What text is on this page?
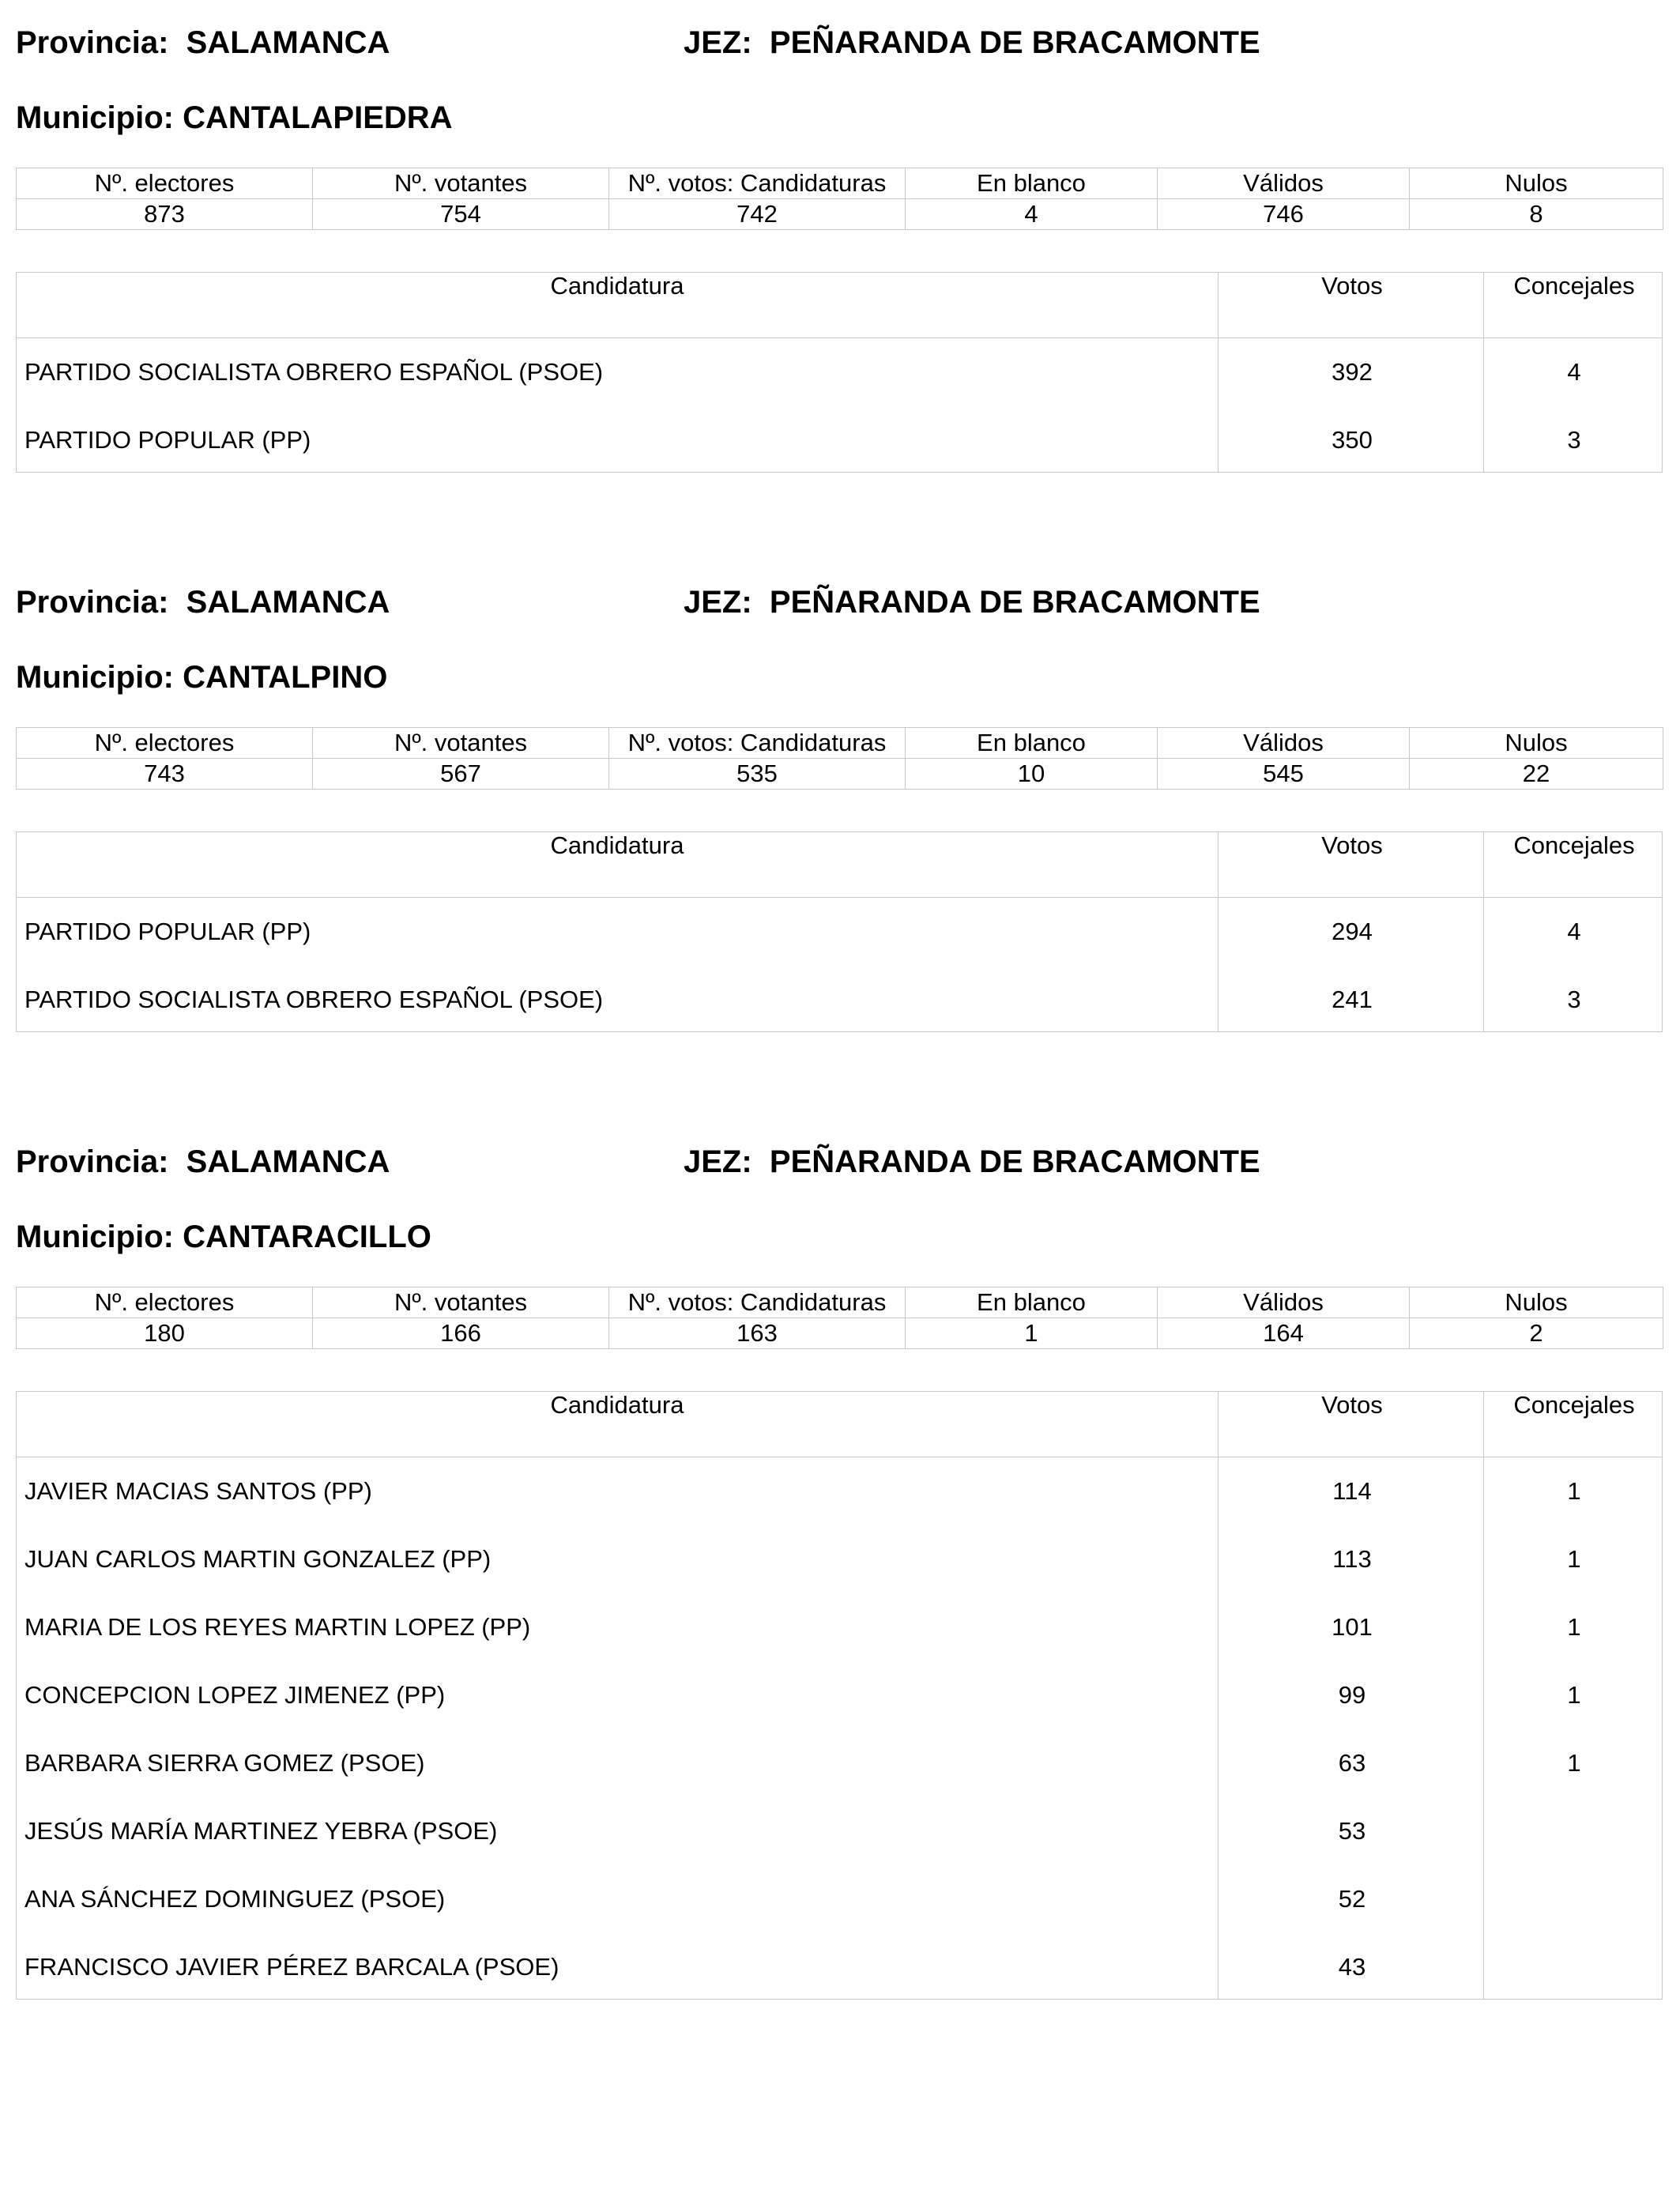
Provincia: SALAMANCA	JEZ: PEÑARANDA DE BRACAMONTE
Municipio: CANTALAPIEDRA
Nº. electores	Nº. votantes	Nº. votos: Candidaturas	En blanco	Válidos	Nulos
873	754	742	4	746	8
Candidatura	Votos	Concejales
PARTIDO SOCIALISTA OBRERO ESPAÑOL (PSOE)	392	4
PARTIDO POPULAR (PP)	350	3
Provincia: SALAMANCA	JEZ: PEÑARANDA DE BRACAMONTE
Municipio: CANTALPINO
Nº. electores	Nº. votantes	Nº. votos: Candidaturas	En blanco	Válidos	Nulos
743	567	535	10	545	22
Candidatura	Votos	Concejales
PARTIDO POPULAR (PP)	294	4
PARTIDO SOCIALISTA OBRERO ESPAÑOL (PSOE)	241	3
Provincia: SALAMANCA	JEZ: PEÑARANDA DE BRACAMONTE
Municipio: CANTARACILLO
Nº. electores	Nº. votantes	Nº. votos: Candidaturas	En blanco	Válidos	Nulos
180	166	163	1	164	2
Candidatura	Votos	Concejales
JAVIER MACIAS SANTOS (PP)	114	1
JUAN CARLOS MARTIN GONZALEZ (PP)	113	1
MARIA DE LOS REYES MARTIN LOPEZ (PP)	101	1
CONCEPCION LOPEZ JIMENEZ (PP)	99	1
BARBARA SIERRA GOMEZ (PSOE)	63	1
JESÚS MARÍA MARTINEZ YEBRA (PSOE)	53
ANA SÁNCHEZ DOMINGUEZ (PSOE)	52
FRANCISCO JAVIER PÉREZ BARCALA (PSOE)	43
